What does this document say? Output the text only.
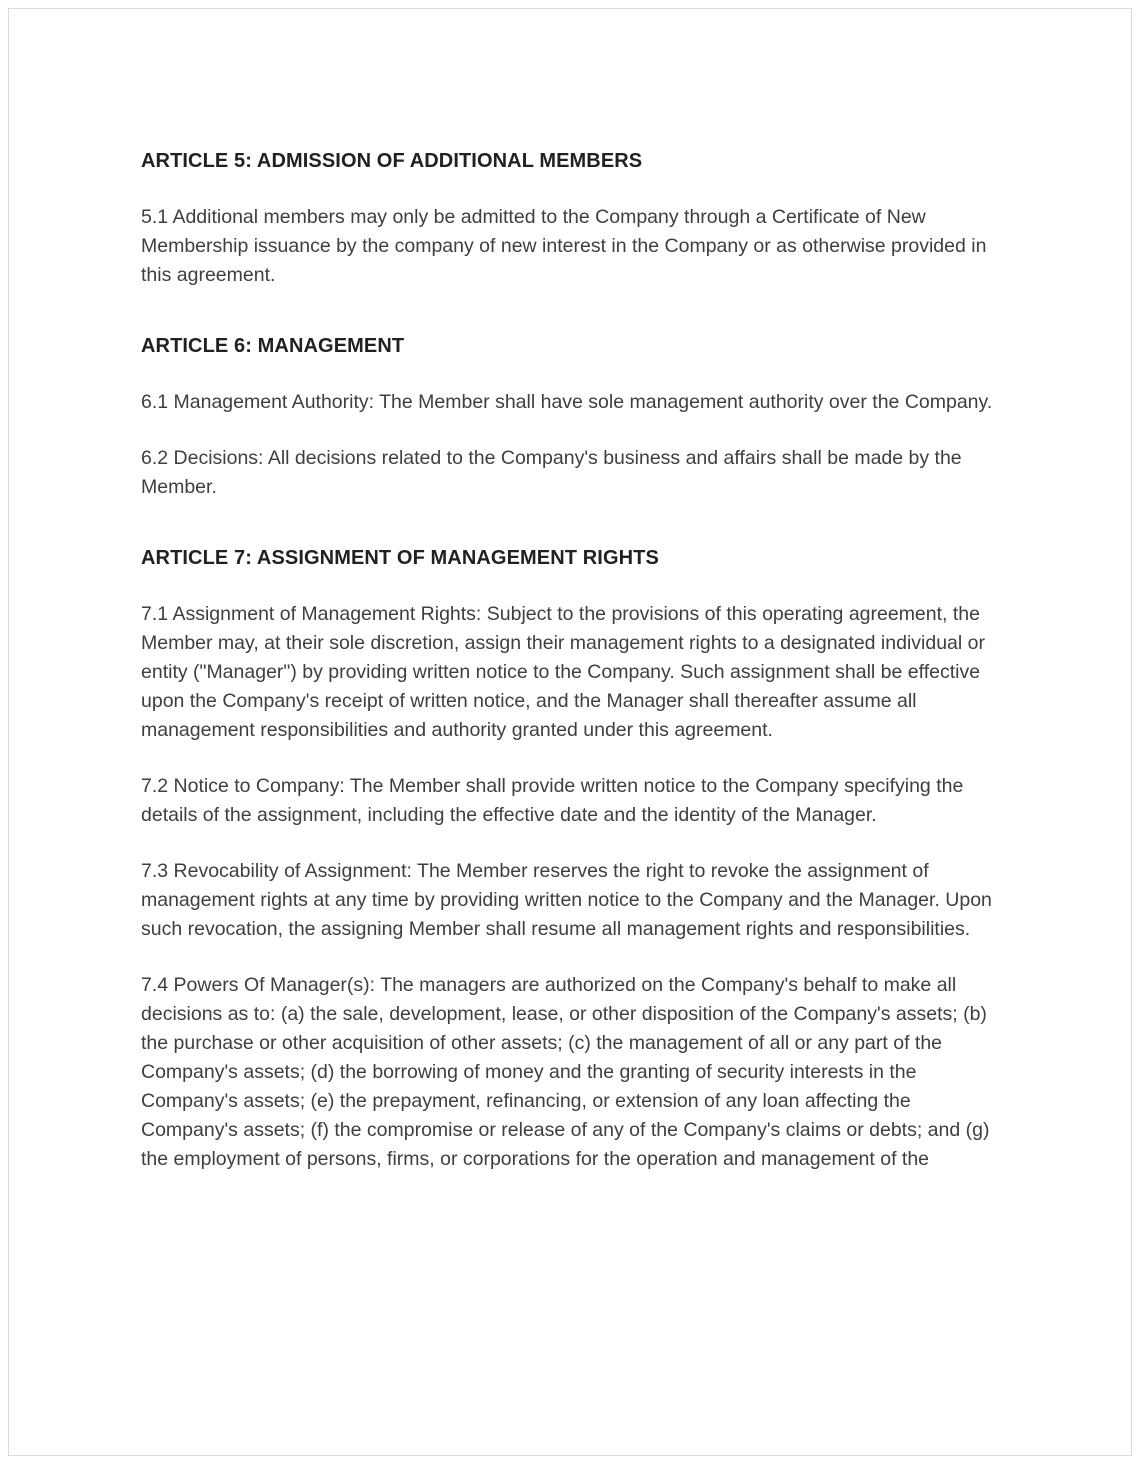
ARTICLE 5: ADMISSION OF ADDITIONAL MEMBERS

5.1 Additional members may only be admitted to the Company through a Certificate of New Membership issuance by the company of new interest in the Company or as otherwise provided in this agreement.

ARTICLE 6: MANAGEMENT

6.1 Management Authority: The Member shall have sole management authority over the Company.

6.2 Decisions: All decisions related to the Company's business and affairs shall be made by the Member.

ARTICLE 7: ASSIGNMENT OF MANAGEMENT RIGHTS

7.1 Assignment of Management Rights: Subject to the provisions of this operating agreement, the Member may, at their sole discretion, assign their management rights to a designated individual or entity ("Manager") by providing written notice to the Company. Such assignment shall be effective upon the Company's receipt of written notice, and the Manager shall thereafter assume all management responsibilities and authority granted under this agreement.

7.2 Notice to Company: The Member shall provide written notice to the Company specifying the details of the assignment, including the effective date and the identity of the Manager.

7.3 Revocability of Assignment: The Member reserves the right to revoke the assignment of management rights at any time by providing written notice to the Company and the Manager. Upon such revocation, the assigning Member shall resume all management rights and responsibilities.

7.4 Powers Of Manager(s): The managers are authorized on the Company's behalf to make all decisions as to: (a) the sale, development, lease, or other disposition of the Company's assets; (b) the purchase or other acquisition of other assets; (c) the management of all or any part of the Company's assets; (d) the borrowing of money and the granting of security interests in the Company's assets; (e) the prepayment, refinancing, or extension of any loan affecting the Company's assets; (f) the compromise or release of any of the Company's claims or debts; and (g) the employment of persons, firms, or corporations for the operation and management of the
